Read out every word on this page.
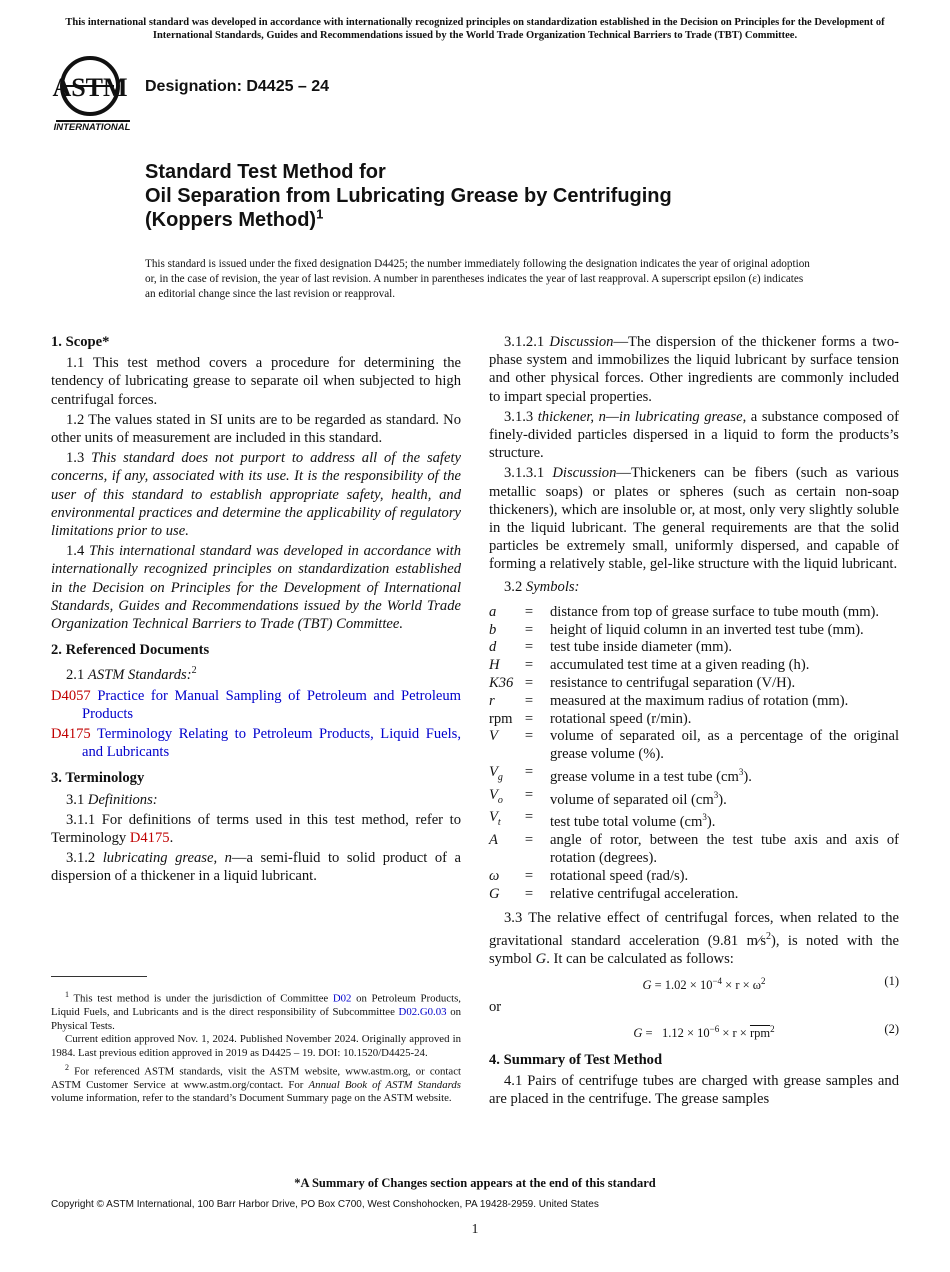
This international standard was developed in accordance with internationally recognized principles on standardization established in the Decision on Principles for the Development of International Standards, Guides and Recommendations issued by the World Trade Organization Technical Barriers to Trade (TBT) Committee.
ASTM
INTERNATIONAL
Designation: D4425 – 24
Standard Test Method for
Oil Separation from Lubricating Grease by Centrifuging
(Koppers Method)$^1$
This standard is issued under the fixed designation D4425; the number immediately following the designation indicates the year of original adoption or, in the case of revision, the year of last revision. A number in parentheses indicates the year of last reapproval. A superscript epsilon (ε) indicates an editorial change since the last revision or reapproval.
1. Scope*

1.1 This test method covers a procedure for determining the tendency of lubricating grease to separate oil when subjected to high centrifugal forces.

1.2 The values stated in SI units are to be regarded as standard. No other units of measurement are included in this standard.

1.3 This standard does not purport to address all of the safety concerns, if any, associated with its use. It is the responsibility of the user of this standard to establish appropriate safety, health, and environmental practices and determine the applicability of regulatory limitations prior to use.

1.4 This international standard was developed in accordance with internationally recognized principles on standardization established in the Decision on Principles for the Development of International Standards, Guides and Recommendations issued by the World Trade Organization Technical Barriers to Trade (TBT) Committee.

2. Referenced Documents

2.1 ASTM Standards:$^2$

D4057 Practice for Manual Sampling of Petroleum and Petroleum Products

D4175 Terminology Relating to Petroleum Products, Liquid Fuels, and Lubricants

3. Terminology

3.1 Definitions:

3.1.1 For definitions of terms used in this test method, refer to Terminology D4175.

3.1.2 lubricating grease, n—a semi-fluid to solid product of a dispersion of a thickener in a liquid lubricant.

$^1$ This test method is under the jurisdiction of Committee D02 on Petroleum Products, Liquid Fuels, and Lubricants and is the direct responsibility of Subcommittee D02.G0.03 on Physical Tests.

Current edition approved Nov. 1, 2024. Published November 2024. Originally approved in 1984. Last previous edition approved in 2019 as D4425 – 19. DOI: 10.1520/D4425-24.

$^2$ For referenced ASTM standards, visit the ASTM website, www.astm.org, or contact ASTM Customer Service at www.astm.org/contact. For Annual Book of ASTM Standards volume information, refer to the standard’s Document Summary page on the ASTM website.

3.1.2.1 Discussion—The dispersion of the thickener forms a two-phase system and immobilizes the liquid lubricant by surface tension and other physical forces. Other ingredients are commonly included to impart special properties.

3.1.3 thickener, n—in lubricating grease, a substance composed of finely-divided particles dispersed in a liquid to form the products’s structure.

3.1.3.1 Discussion—Thickeners can be fibers (such as various metallic soaps) or plates or spheres (such as certain non-soap thickeners), which are insoluble or, at most, only very slightly soluble in the liquid lubricant. The general requirements are that the solid particles be extremely small, uniformly dispersed, and capable of forming a relatively stable, gel-like structure with the liquid lubricant.

3.2 Symbols:

a	=	distance from top of grease surface to tube mouth (mm).
b	=	height of liquid column in an inverted test tube (mm).
d	=	test tube inside diameter (mm).
H	=	accumulated test time at a given reading (h).
K36	=	resistance to centrifugal separation (V/H).
r	=	measured at the maximum radius of rotation (mm).
rpm	=	rotational speed (r/min).
V	=	volume of separated oil, as a percentage of the original grease volume (%).
$V_g$	=	grease volume in a test tube $(cm^3)$.
$V_o$	=	volume of separated oil $(cm^3)$.
$V_t$	=	test tube total volume $(cm^3)$.
A	=	angle of rotor, between the test tube axis and axis of rotation (degrees).
ω	=	rotational speed (rad/s).
G	=	relative centrifugal acceleration.

3.3 The relative effect of centrifugal forces, when related to the gravitational standard acceleration (9.81 $m⁄s^2$), is noted with the symbol G. It can be calculated as follows:

$G = 1.02 \times 10^{-4} \times r \times \omega^2$	(1)

or

$G = 1.12 \times 10^{-6} \times r \times \overline{rpm}^2$	(2)
4. Summary of Test Method

4.1 Pairs of centrifuge tubes are charged with grease samples and are placed in the centrifuge. The grease samples

*A Summary of Changes section appears at the end of this standard
Copyright © ASTM International, 100 Barr Harbor Drive, PO Box C700, West Conshohocken, PA 19428-2959. United States
1
